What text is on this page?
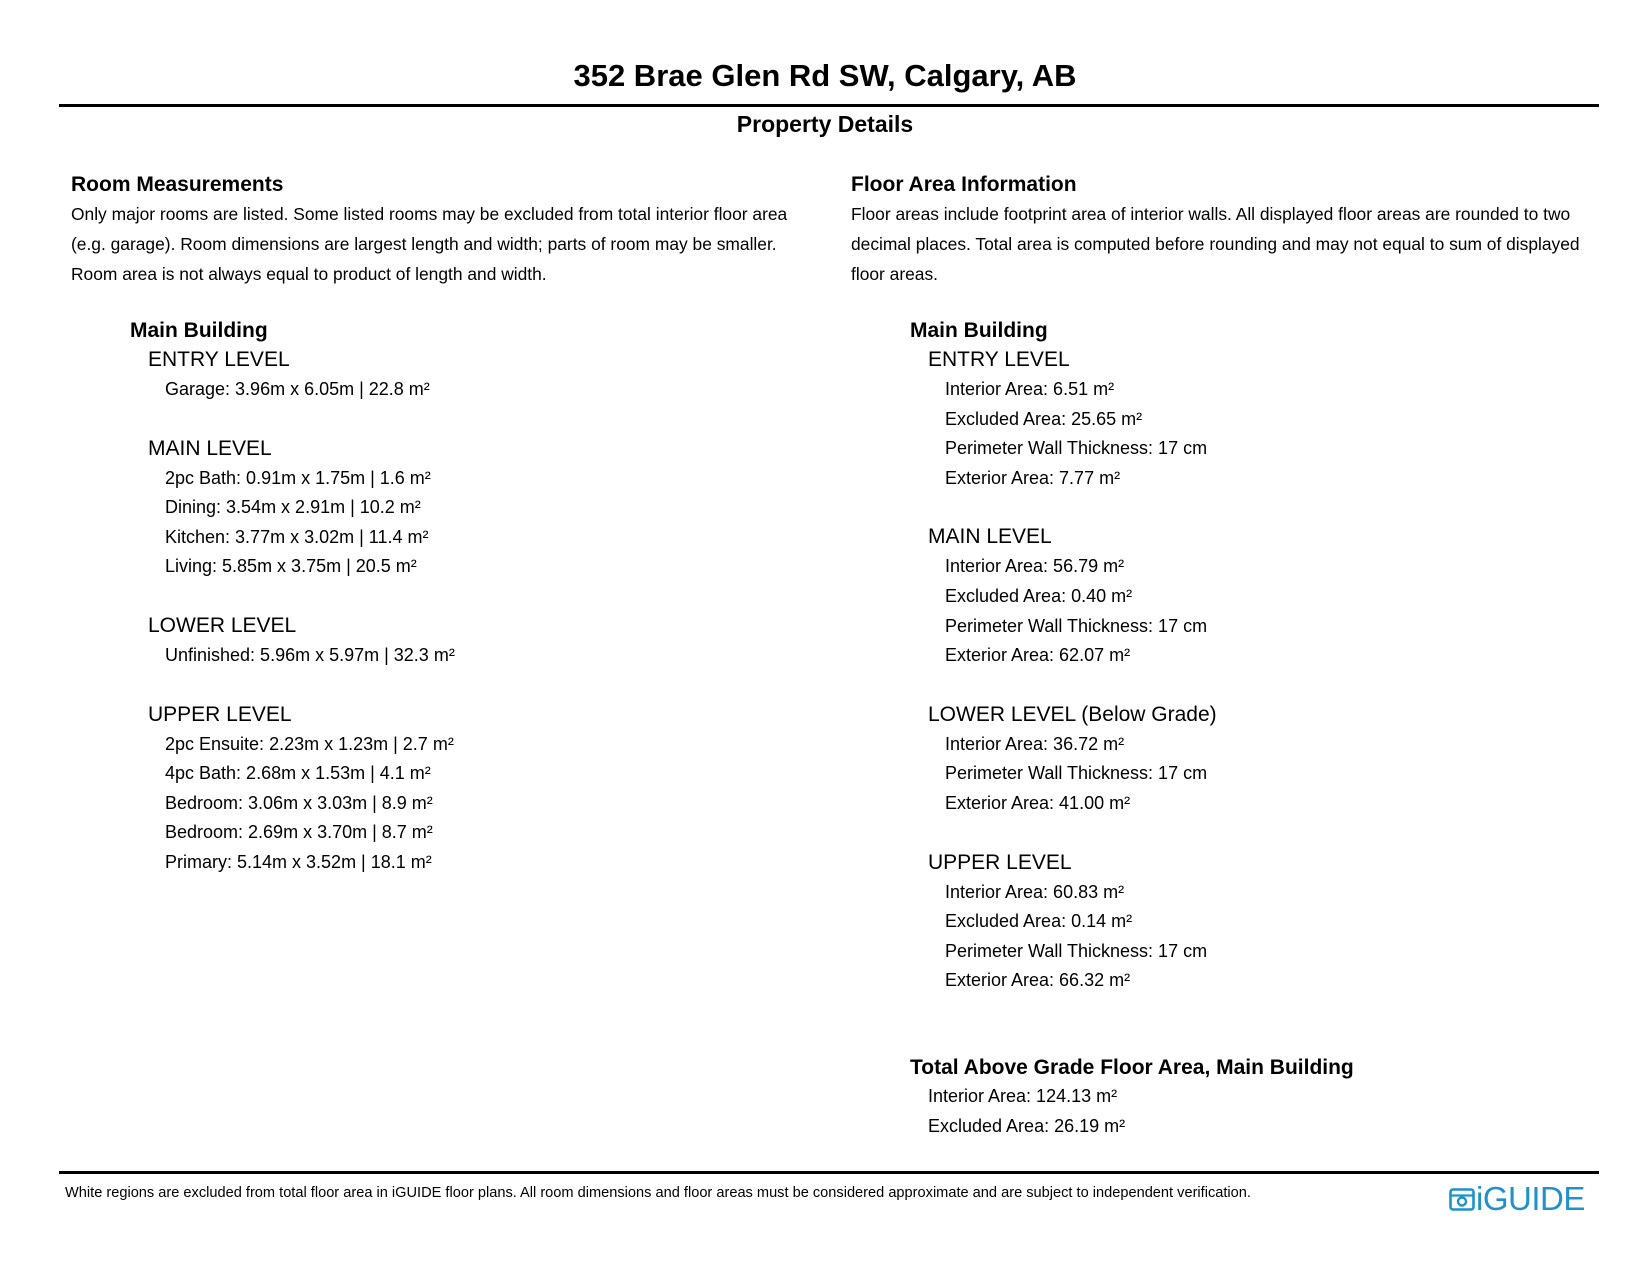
352 Brae Glen Rd SW, Calgary, AB
Property Details
Room Measurements
Only major rooms are listed. Some listed rooms may be excluded from total interior floor area
(e.g. garage). Room dimensions are largest length and width; parts of room may be smaller.
Room area is not always equal to product of length and width.
Main Building
ENTRY LEVEL
Garage: 3.96m x 6.05m | 22.8 m²
MAIN LEVEL
2pc Bath: 0.91m x 1.75m | 1.6 m²
Dining: 3.54m x 2.91m | 10.2 m²
Kitchen: 3.77m x 3.02m | 11.4 m²
Living: 5.85m x 3.75m | 20.5 m²
LOWER LEVEL
Unfinished: 5.96m x 5.97m | 32.3 m²
UPPER LEVEL
2pc Ensuite: 2.23m x 1.23m | 2.7 m²
4pc Bath: 2.68m x 1.53m | 4.1 m²
Bedroom: 3.06m x 3.03m | 8.9 m²
Bedroom: 2.69m x 3.70m | 8.7 m²
Primary: 5.14m x 3.52m | 18.1 m²
Floor Area Information
Floor areas include footprint area of interior walls. All displayed floor areas are rounded to two
decimal places. Total area is computed before rounding and may not equal to sum of displayed
floor areas.
Main Building
ENTRY LEVEL
Interior Area: 6.51 m²
Excluded Area: 25.65 m²
Perimeter Wall Thickness: 17 cm
Exterior Area: 7.77 m²
MAIN LEVEL
Interior Area: 56.79 m²
Excluded Area: 0.40 m²
Perimeter Wall Thickness: 17 cm
Exterior Area: 62.07 m²
LOWER LEVEL (Below Grade)
Interior Area: 36.72 m²
Perimeter Wall Thickness: 17 cm
Exterior Area: 41.00 m²
UPPER LEVEL
Interior Area: 60.83 m²
Excluded Area: 0.14 m²
Perimeter Wall Thickness: 17 cm
Exterior Area: 66.32 m²
Total Above Grade Floor Area, Main Building
Interior Area: 124.13 m²
Excluded Area: 26.19 m²
White regions are excluded from total floor area in iGUIDE floor plans. All room dimensions and floor areas must be considered approximate and are subject to independent verification.	iGUIDE
